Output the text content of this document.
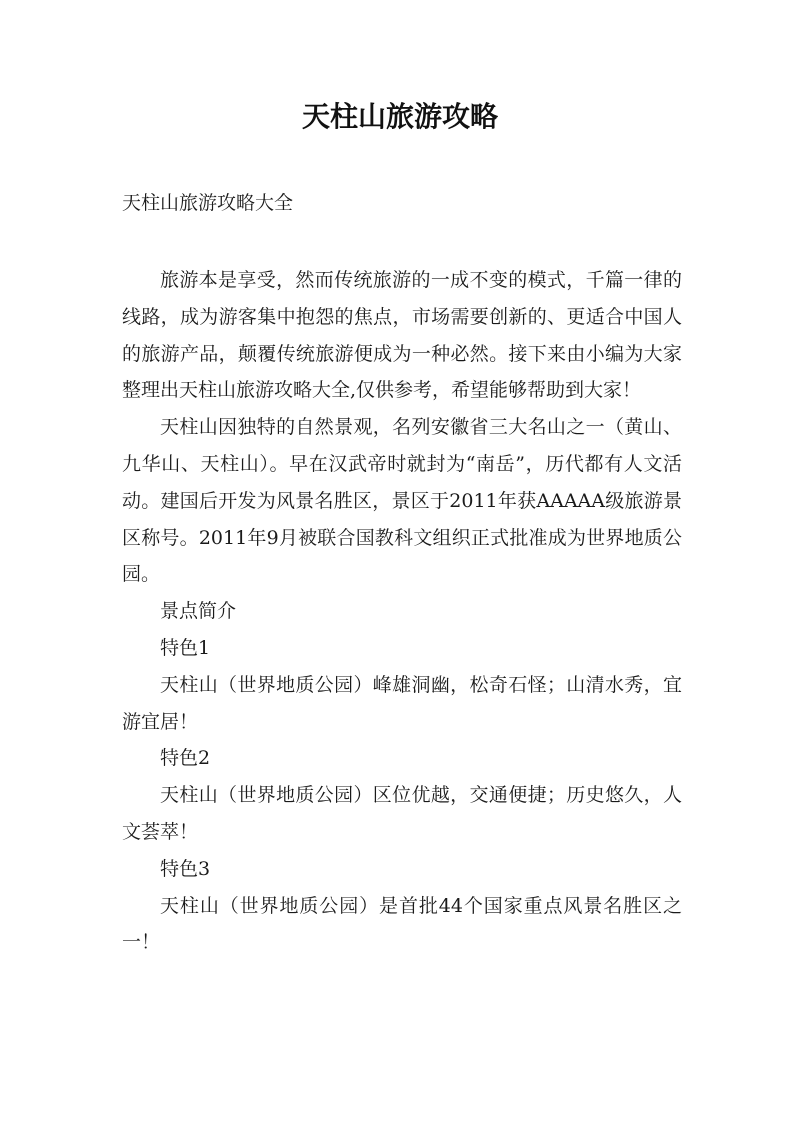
天柱山旅游攻略
天柱山旅游攻略大全

旅游本是享受，然而传统旅游的一成不变的模式，千篇一律的线路，成为游客集中抱怨的焦点，市场需要创新的、更适合中国人的旅游产品，颠覆传统旅游便成为一种必然。接下来由小编为大家整理出天柱山旅游攻略大全,仅供参考，希望能够帮助到大家！

天柱山因独特的自然景观，名列安徽省三大名山之一（黄山、九华山、天柱山）。早在汉武帝时就封为“南岳”，历代都有人文活动。建国后开发为风景名胜区，景区于2011年获AAAAA级旅游景区称号。2011年9月被联合国教科文组织正式批准成为世界地质公园。

景点简介

特色1

天柱山（世界地质公园）峰雄洞幽，松奇石怪；山清水秀，宜游宜居！

特色2

天柱山（世界地质公园）区位优越，交通便捷；历史悠久，人文荟萃！

特色3

天柱山（世界地质公园）是首批44个国家重点风景名胜区之一！
